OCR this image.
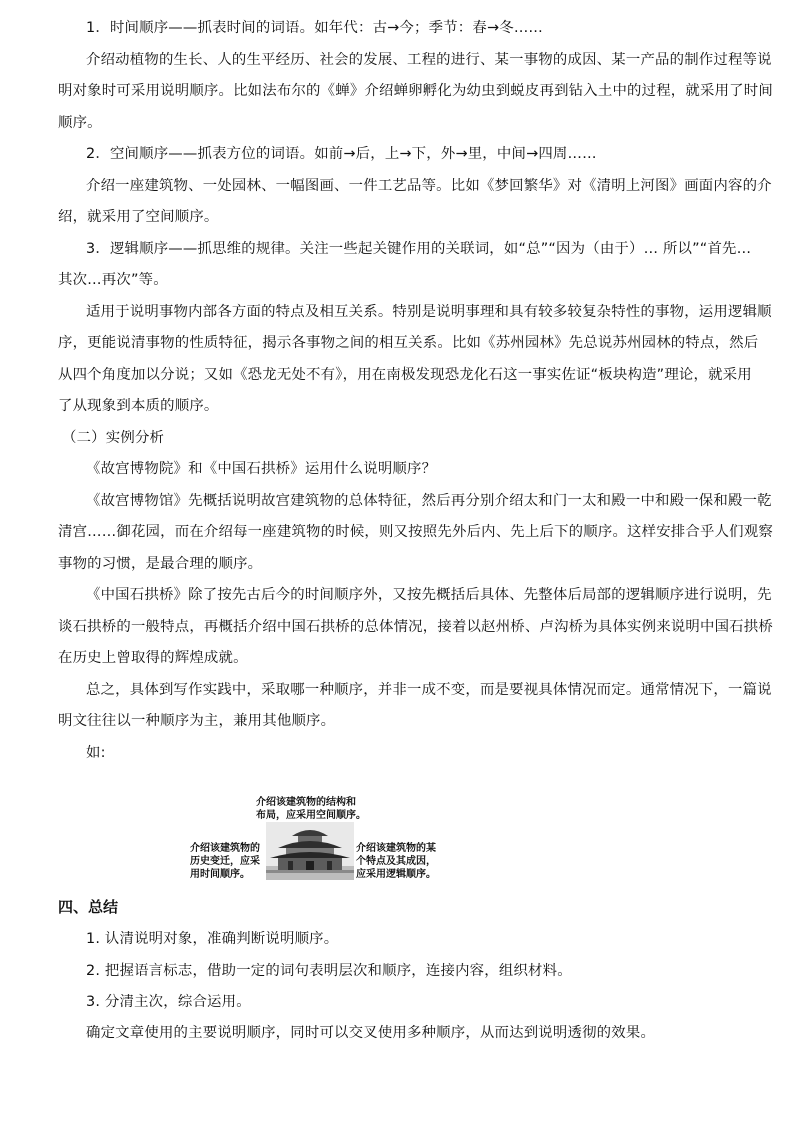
1．时间顺序——抓表时间的词语。如年代：古→今；季节：春→冬……
介绍动植物的生长、人的生平经历、社会的发展、工程的进行、某一事物的成因、某一产品的制作过程等说
明对象时可采用说明顺序。比如法布尔的《蝉》介绍蝉卵孵化为幼虫到蜕皮再到钻入土中的过程，就采用了时间
顺序。
2．空间顺序——抓表方位的词语。如前→后，上→下，外→里，中间→四周……
介绍一座建筑物、一处园林、一幅图画、一件工艺品等。比如《梦回繁华》对《清明上河图》画面内容的介
绍，就采用了空间顺序。
3．逻辑顺序——抓思维的规律。关注一些起关键作用的关联词，如“总”“因为（由于）… 所以”“首先…
其次…再次”等。
适用于说明事物内部各方面的特点及相互关系。特别是说明事理和具有较多较复杂特性的事物，运用逻辑顺
序，更能说清事物的性质特征，揭示各事物之间的相互关系。比如《苏州园林》先总说苏州园林的特点，然后
从四个角度加以分说；又如《恐龙无处不有》，用在南极发现恐龙化石这一事实佐证“板块构造”理论，就采用
了从现象到本质的顺序。
（二）实例分析
《故宫博物院》和《中国石拱桥》运用什么说明顺序？
《故宫博物馆》先概括说明故宫建筑物的总体特征，然后再分别介绍太和门一太和殿一中和殿一保和殿一乾
清宫……御花园，而在介绍每一座建筑物的时候，则又按照先外后内、先上后下的顺序。这样安排合乎人们观察
事物的习惯，是最合理的顺序。
《中国石拱桥》除了按先古后今的时间顺序外，又按先概括后具体、先整体后局部的逻辑顺序进行说明，先
谈石拱桥的一般特点，再概括介绍中国石拱桥的总体情况，接着以赵州桥、卢沟桥为具体实例来说明中国石拱桥
在历史上曾取得的辉煌成就。
总之，具体到写作实践中，采取哪一种顺序，并非一成不变，而是要视具体情况而定。通常情况下，一篇说
明文往往以一种顺序为主，兼用其他顺序。
如:
介绍该建筑物的结构和
布局，应采用空间顺序。
介绍该建筑物的
历史变迁，应采
用时间顺序。
介绍该建筑物的某
个特点及其成因，
应采用逻辑顺序。
四、总结
1. 认清说明对象，准确判断说明顺序。
2. 把握语言标志，借助一定的词句表明层次和顺序，连接内容，组织材料。
3. 分清主次，综合运用。
确定文章使用的主要说明顺序，同时可以交叉使用多种顺序，从而达到说明透彻的效果。
